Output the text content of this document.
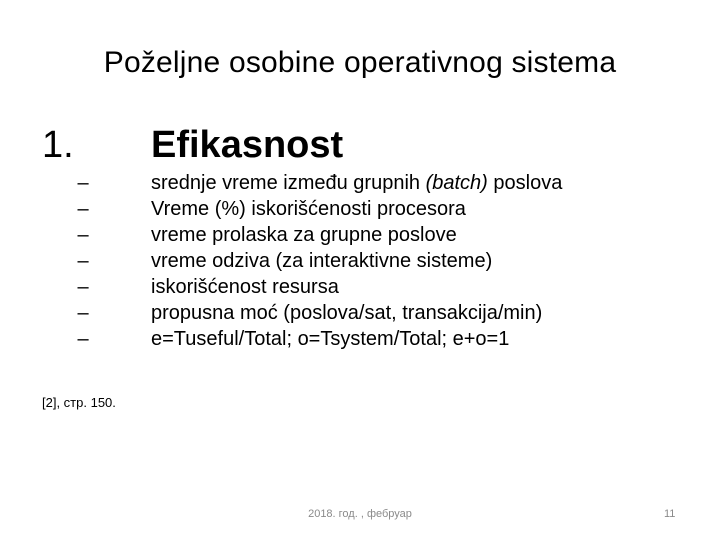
Poželjne osobine operativnog sistema
1. Efikasnost
–	srednje vreme između grupnih (batch) poslova
–	Vreme (%) iskorišćenosti procesora
–	vreme prolaska za grupne poslove
–	vreme odziva (za interaktivne sisteme)
–	iskorišćenost resursa
–	propusna moć (poslova/sat, transakcija/min)
–	e=Tuseful/Total; o=Tsystem/Total; e+o=1
[2], стр. 150.
2018. год. , фебруар	11
